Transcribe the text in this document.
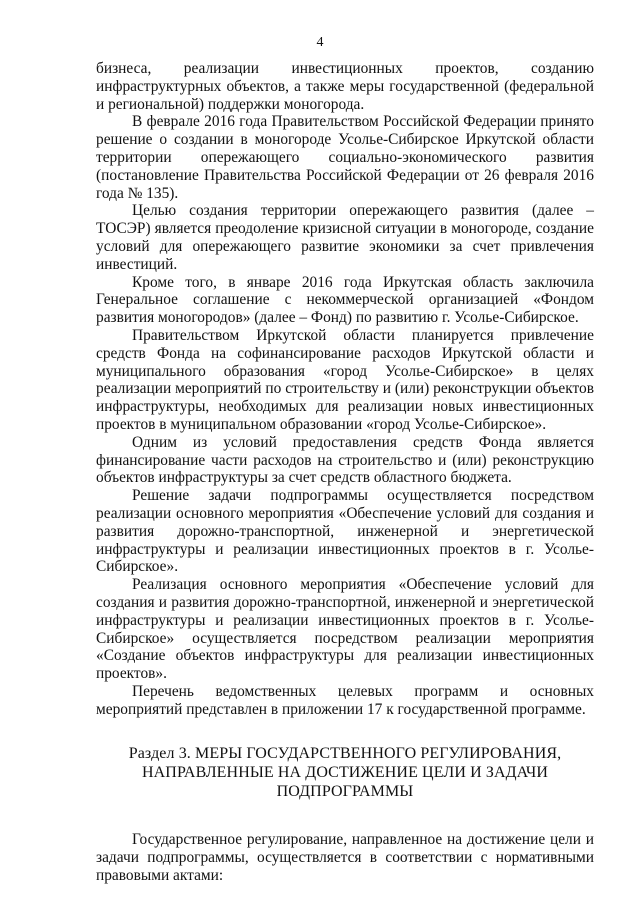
4

бизнеса, реализации инвестиционных проектов, созданию инфраструктурных объектов, а также меры государственной (федеральной и региональной) поддержки моногорода.

В феврале 2016 года Правительством Российской Федерации принято решение о создании в моногороде Усолье-Сибирское Иркутской области территории опережающего социально-экономического развития (постановление Правительства Российской Федерации от 26 февраля 2016 года № 135).

Целью создания территории опережающего развития (далее – ТОСЭР) является преодоление кризисной ситуации в моногороде, создание условий для опережающего развитие экономики за счет привлечения инвестиций.

Кроме того, в январе 2016 года Иркутская область заключила Генеральное соглашение с некоммерческой организацией «Фондом развития моногородов» (далее – Фонд) по развитию г. Усолье-Сибирское.

Правительством Иркутской области планируется привлечение средств Фонда на софинансирование расходов Иркутской области и муниципального образования «город Усолье-Сибирское» в целях реализации мероприятий по строительству и (или) реконструкции объектов инфраструктуры, необходимых для реализации новых инвестиционных проектов в муниципальном образовании «город Усолье-Сибирское».

Одним из условий предоставления средств Фонда является финансирование части расходов на строительство и (или) реконструкцию объектов инфраструктуры за счет средств областного бюджета.

Решение задачи подпрограммы осуществляется посредством реализации основного мероприятия «Обеспечение условий для создания и развития дорожно-транспортной, инженерной и энергетической инфраструктуры и реализации инвестиционных проектов в г. Усолье-Сибирское».

Реализация основного мероприятия «Обеспечение условий для создания и развития дорожно-транспортной, инженерной и энергетической инфраструктуры и реализации инвестиционных проектов в г. Усолье-Сибирское» осуществляется посредством реализации мероприятия «Создание объектов инфраструктуры для реализации инвестиционных проектов».

Перечень ведомственных целевых программ и основных мероприятий представлен в приложении 17 к государственной программе.

Раздел 3. МЕРЫ ГОСУДАРСТВЕННОГО РЕГУЛИРОВАНИЯ,
НАПРАВЛЕННЫЕ НА ДОСТИЖЕНИЕ ЦЕЛИ И ЗАДАЧИ
ПОДПРОГРАММЫ

Государственное регулирование, направленное на достижение цели и задачи подпрограммы, осуществляется в соответствии с нормативными правовыми актами:
